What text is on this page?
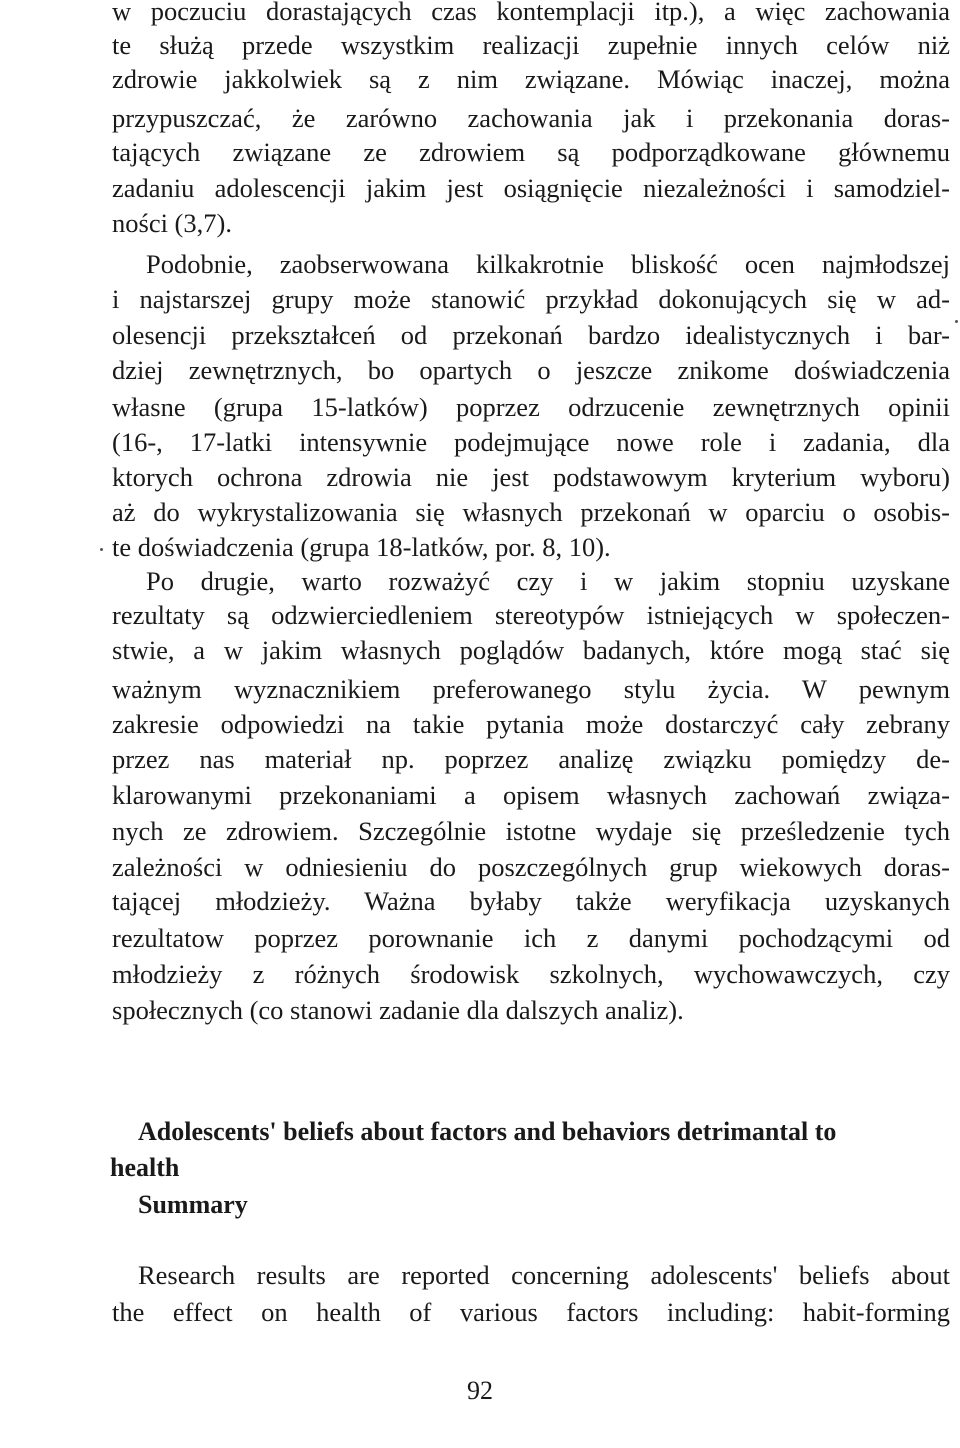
w poczuciu dorastających czas kontemplacji itp.), a więc zachowania
te służą przede wszystkim realizacji zupełnie innych celów niż
zdrowie jakkolwiek są z nim związane. Mówiąc inaczej, można
przypuszczać, że zarówno zachowania jak i przekonania doras-
tających związane ze zdrowiem są podporządkowane głównemu
zadaniu adolescencji jakim jest osiągnięcie niezależności i samodziel-
ności (3,7).
Podobnie, zaobserwowana kilkakrotnie bliskość ocen najmłodszej
i najstarszej grupy może stanowić przykład dokonujących się w ad-
olesencji przekształceń od przekonań bardzo idealistycznych i bar-
dziej zewnętrznych, bo opartych o jeszcze znikome doświadczenia
własne (grupa 15-latków) poprzez odrzucenie zewnętrznych opinii
(16-, 17-latki intensywnie podejmujące nowe role i zadania, dla
ktorych ochrona zdrowia nie jest podstawowym kryterium wyboru)
aż do wykrystalizowania się własnych przekonań w oparciu o osobis-
te doświadczenia (grupa 18-latków, por. 8, 10).
Po drugie, warto rozważyć czy i w jakim stopniu uzyskane
rezultaty są odzwierciedleniem stereotypów istniejących w społeczen-
stwie, a w jakim własnych poglądów badanych, które mogą stać się
ważnym wyznacznikiem preferowanego stylu życia. W pewnym
zakresie odpowiedzi na takie pytania może dostarczyć cały zebrany
przez nas materiał np. poprzez analizę związku pomiędzy de-
klarowanymi przekonaniami a opisem własnych zachowań związa-
nych ze zdrowiem. Szczególnie istotne wydaje się prześledzenie tych
zależności w odniesieniu do poszczególnych grup wiekowych doras-
tającej młodzieży. Ważna byłaby także weryfikacja uzyskanych
rezultatow poprzez porownanie ich z danymi pochodzącymi od
młodzieży z różnych środowisk szkolnych, wychowawczych, czy
społecznych (co stanowi zadanie dla dalszych analiz).
Adolescents' beliefs about factors and behaviors detrimantal to
health
Summary
Research results are reported concerning adolescents' beliefs about
the effect on health of various factors including: habit-forming
92
